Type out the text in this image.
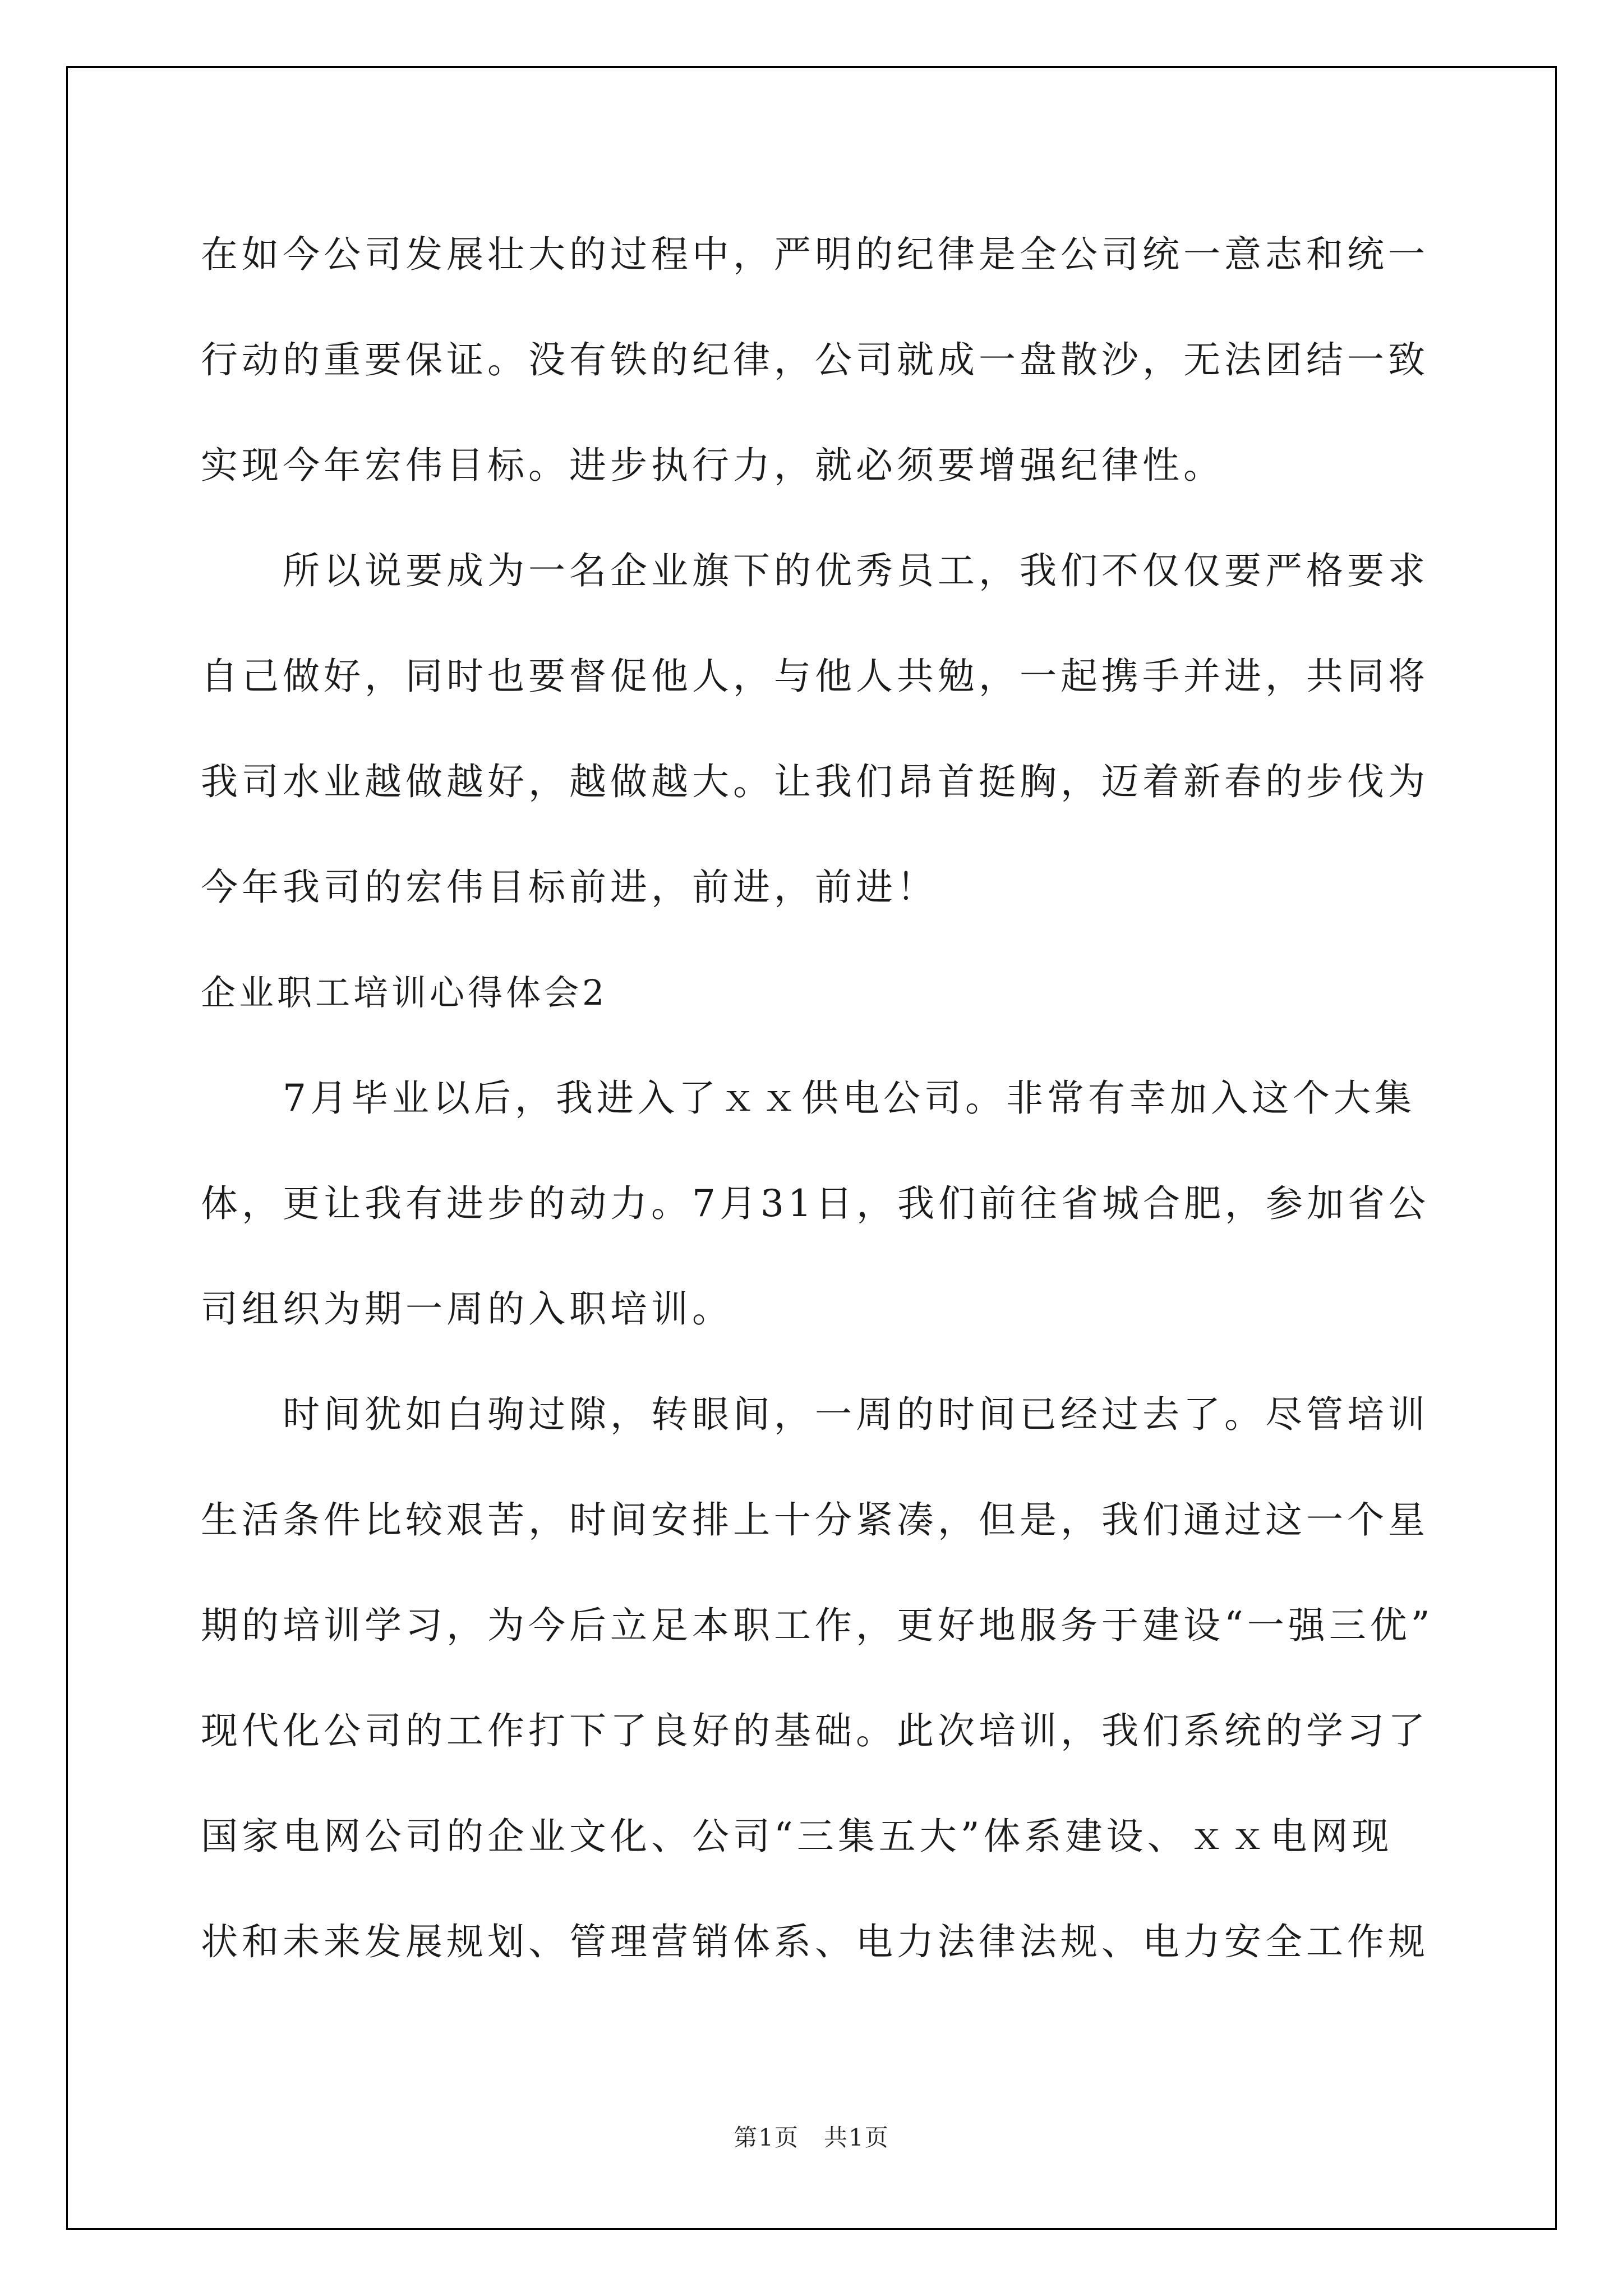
在如今公司发展壮大的过程中，严明的纪律是全公司统一意志和统一
行动的重要保证。没有铁的纪律，公司就成一盘散沙，无法团结一致
实现今年宏伟目标。进步执行力，就必须要增强纪律性。
所以说要成为一名企业旗下的优秀员工，我们不仅仅要严格要求
自己做好，同时也要督促他人，与他人共勉，一起携手并进，共同将
我司水业越做越好，越做越大。让我们昂首挺胸，迈着新春的步伐为
今年我司的宏伟目标前进，前进，前进！
企业职工培训心得体会2
7月毕业以后，我进入了ｘｘ供电公司。非常有幸加入这个大集
体，更让我有进步的动力。7月31日，我们前往省城合肥，参加省公
司组织为期一周的入职培训。
时间犹如白驹过隙，转眼间，一周的时间已经过去了。尽管培训
生活条件比较艰苦，时间安排上十分紧凑，但是，我们通过这一个星
期的培训学习，为今后立足本职工作，更好地服务于建设“一强三优”
现代化公司的工作打下了良好的基础。此次培训，我们系统的学习了
国家电网公司的企业文化、公司“三集五大”体系建设、ｘｘ电网现
状和未来发展规划、管理营销体系、电力法律法规、电力安全工作规
第1页　共1页
